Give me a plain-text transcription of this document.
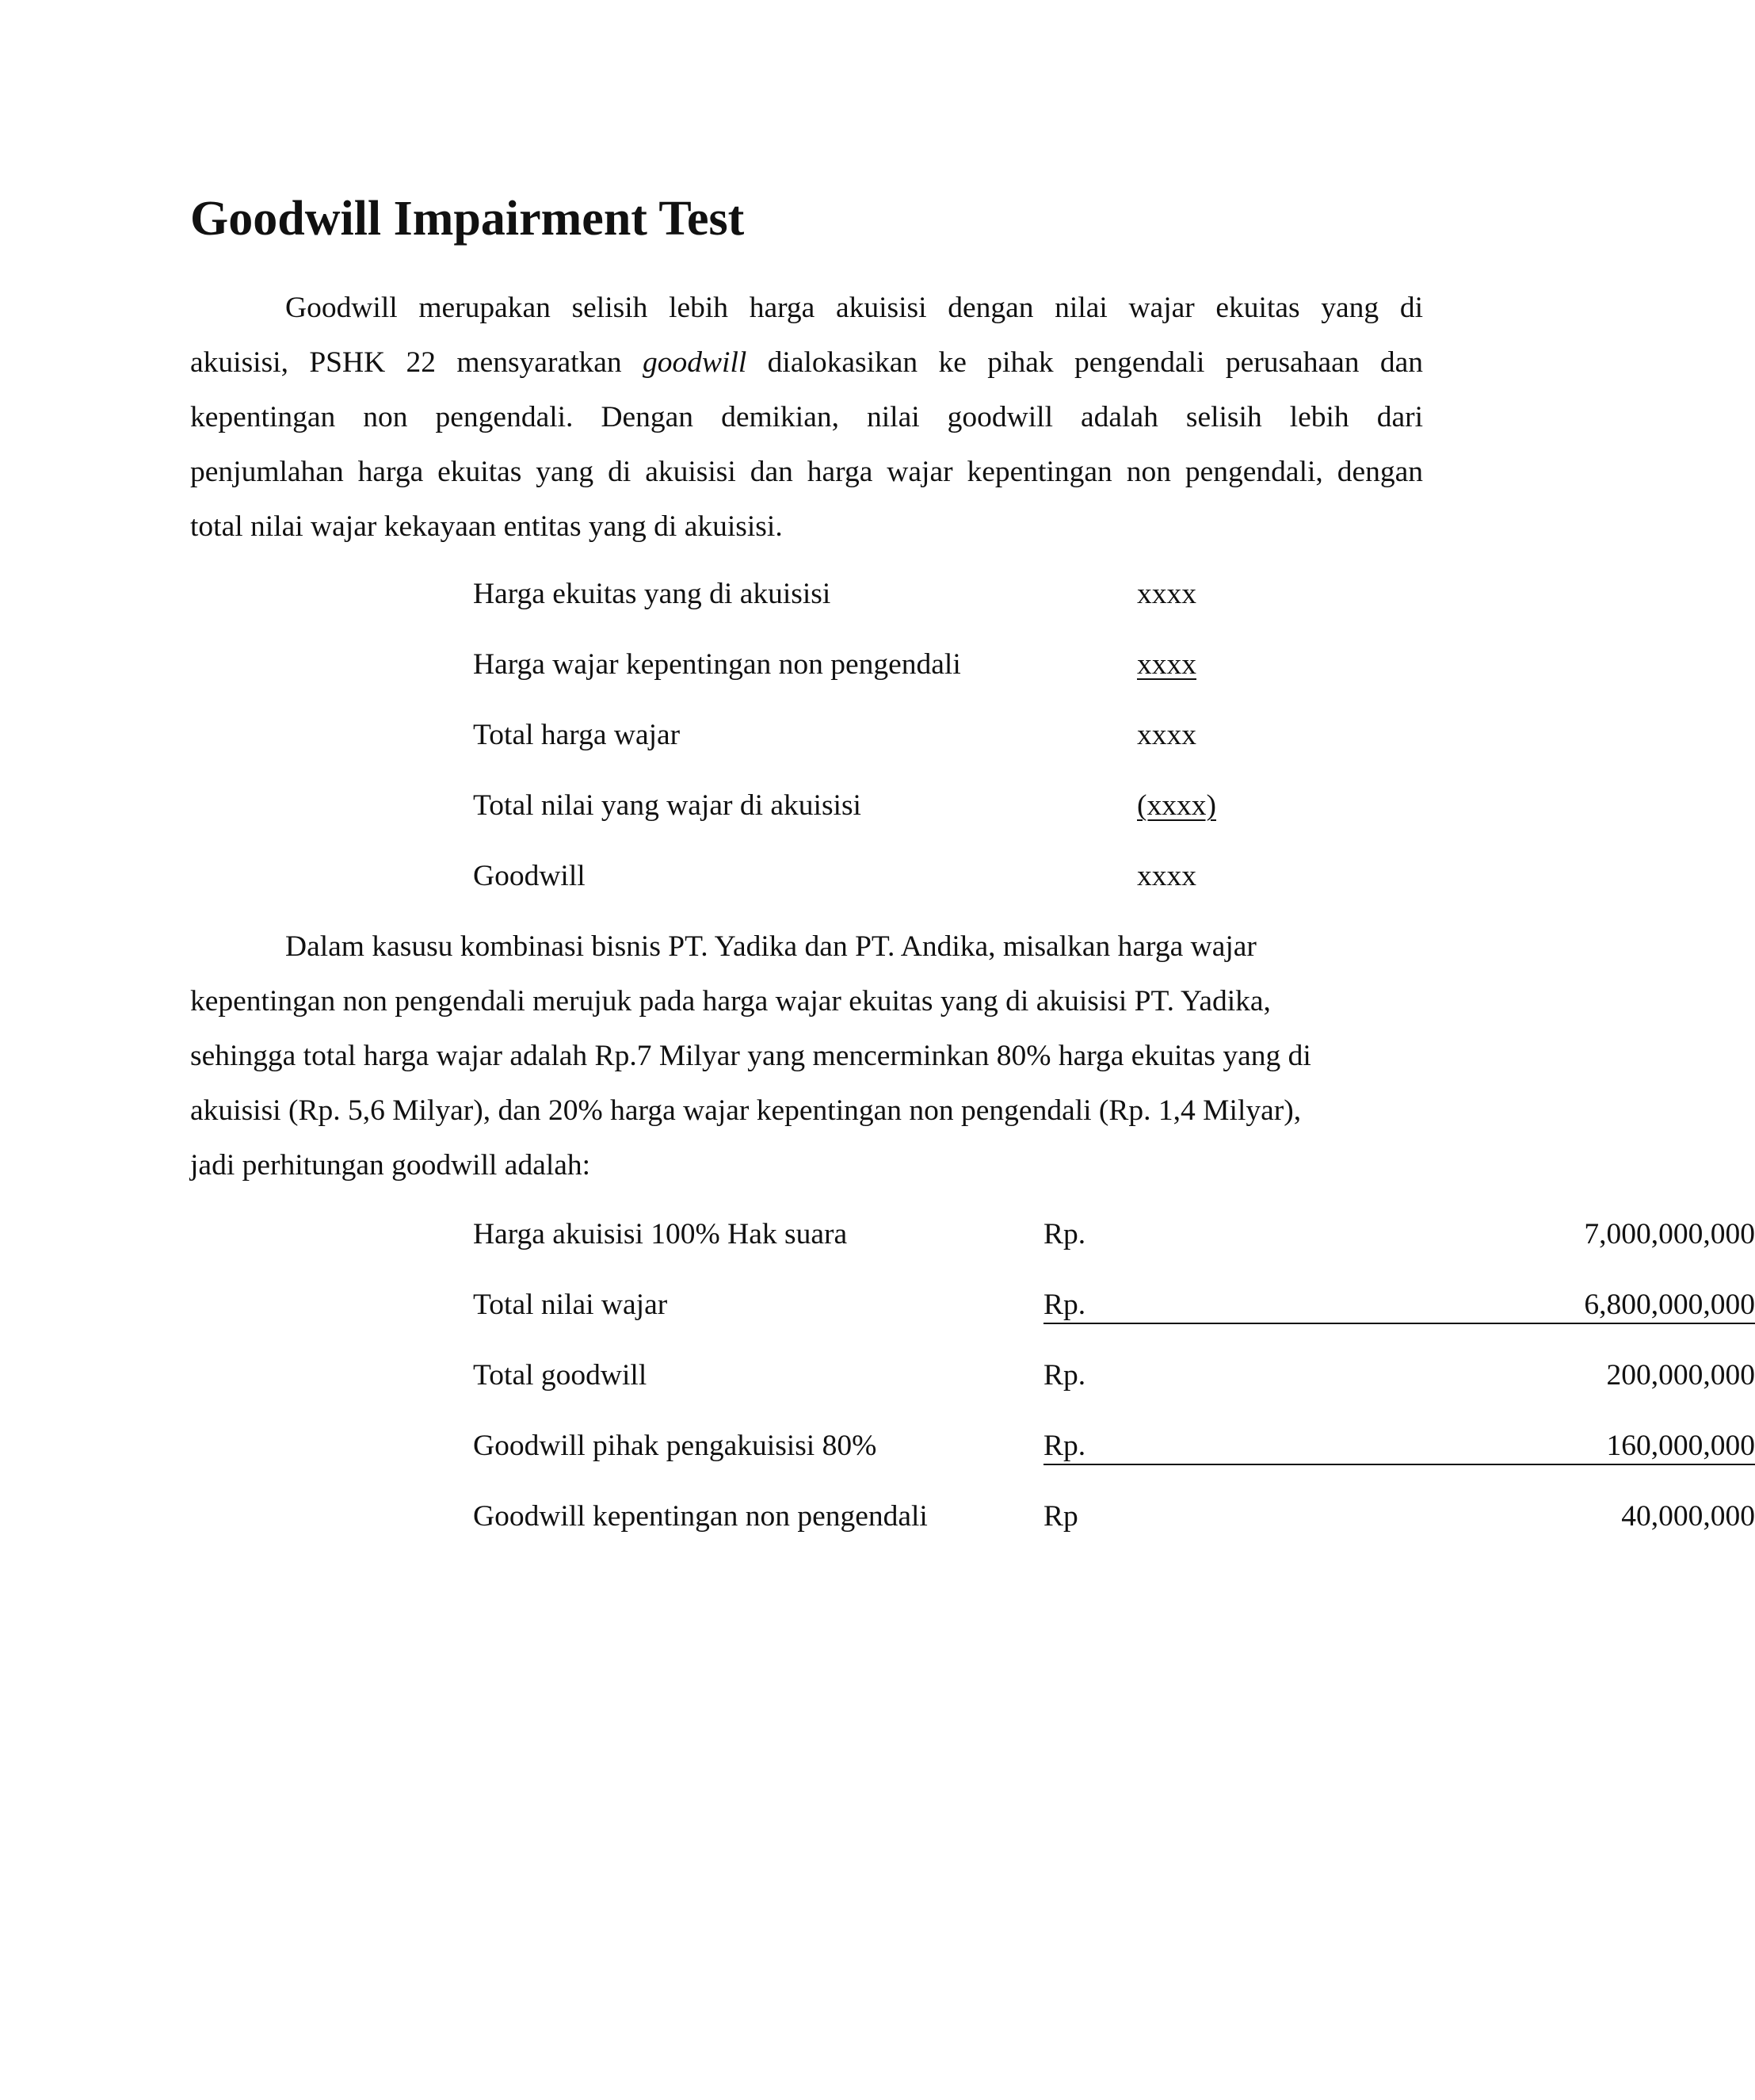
Goodwill Impairment Test
Goodwill merupakan selisih lebih harga akuisisi dengan nilai wajar ekuitas yang di
akuisisi, PSHK 22 mensyaratkan goodwill dialokasikan ke pihak pengendali perusahaan dan
kepentingan non pengendali. Dengan demikian, nilai goodwill adalah selisih lebih dari
penjumlahan harga ekuitas yang di akuisisi dan harga wajar kepentingan non pengendali, dengan
total nilai wajar kekayaan entitas yang di akuisisi.
Harga ekuitas yang di akuisisi	xxxx
Harga wajar kepentingan non pengendali	xxxx
Total harga wajar	xxxx
Total nilai yang wajar di akuisisi	(xxxx)
Goodwill	xxxx
Dalam kasusu kombinasi bisnis PT. Yadika dan PT. Andika, misalkan harga wajar
kepentingan non pengendali merujuk pada harga wajar ekuitas yang di akuisisi PT. Yadika,
sehingga total harga wajar adalah Rp.7 Milyar yang mencerminkan 80% harga ekuitas yang di
akuisisi (Rp. 5,6 Milyar), dan 20% harga wajar kepentingan non pengendali (Rp. 1,4 Milyar),
jadi perhitungan goodwill adalah:
Harga akuisisi 100% Hak suara	Rp.	7,000,000,000
Total nilai wajar	Rp.	6,800,000,000
Total goodwill	Rp.	200,000,000
Goodwill pihak pengakuisisi 80%	Rp.	160,000,000
Goodwill kepentingan non pengendali	Rp	40,000,000
